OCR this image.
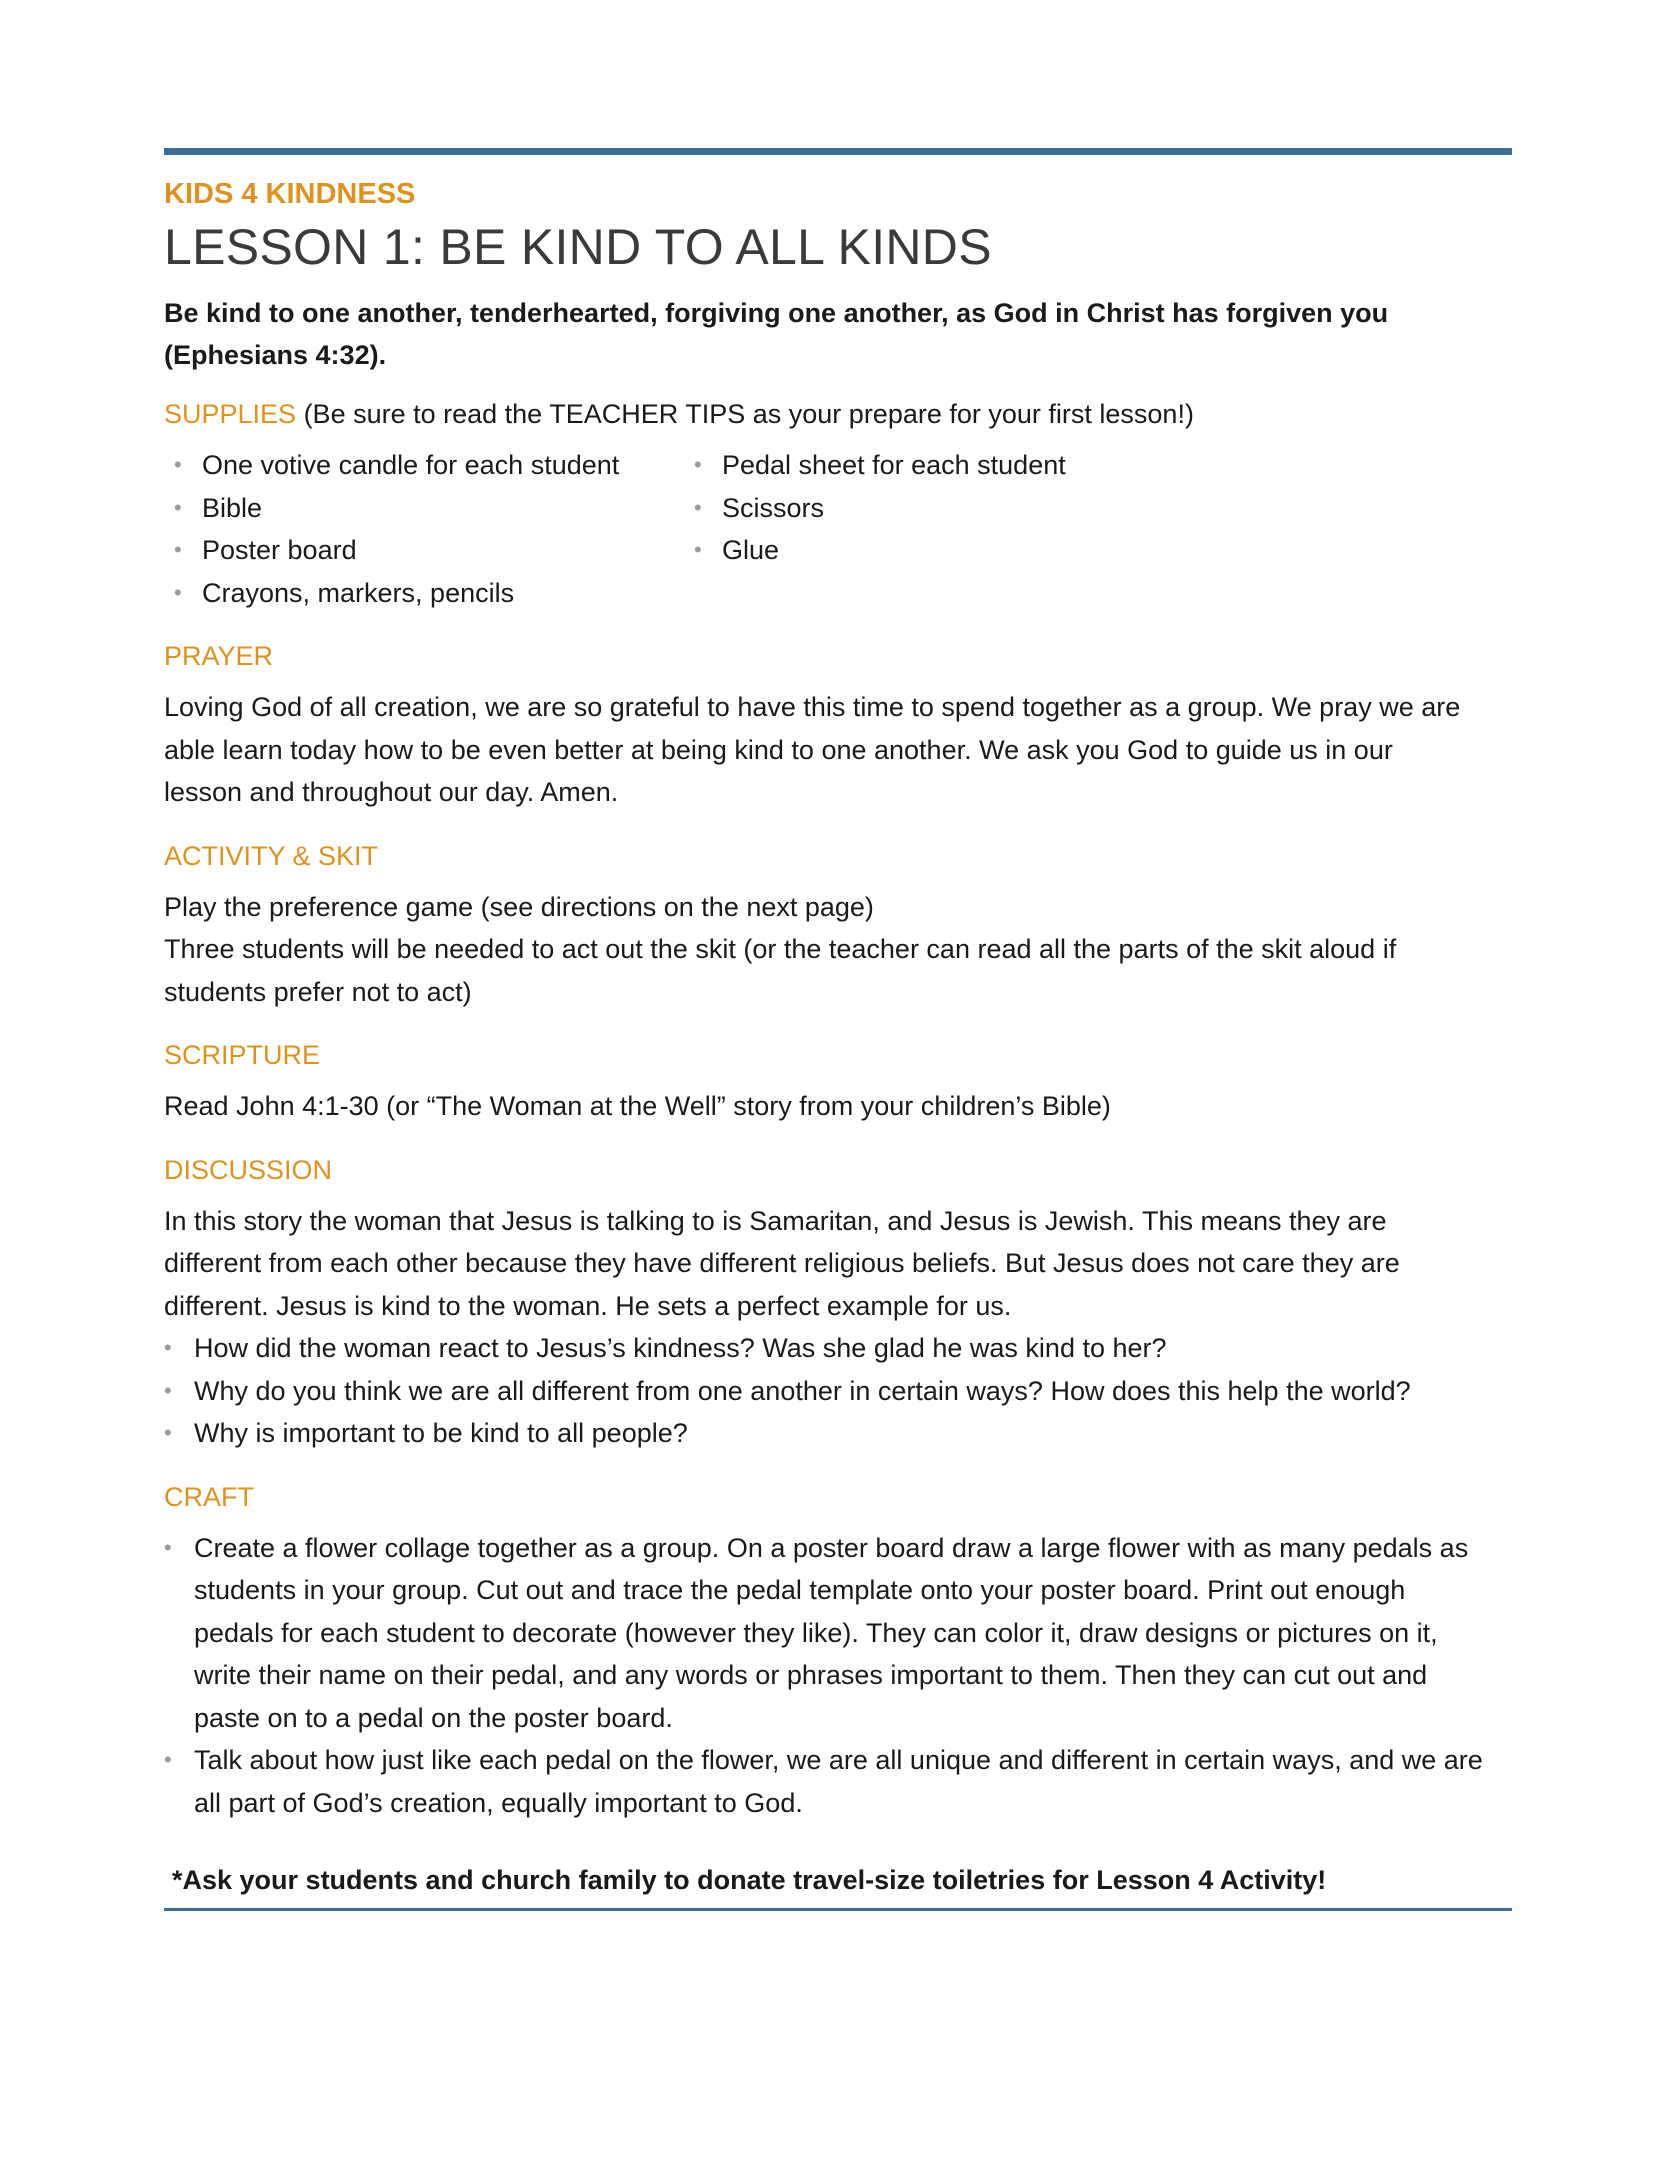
KIDS 4 KINDNESS
LESSON 1: BE KIND TO ALL KINDS
Be kind to one another, tenderhearted, forgiving one another, as God in Christ has forgiven you
(Ephesians 4:32).
SUPPLIES (Be sure to read the TEACHER TIPS as your prepare for your first lesson!)
• One votive candle for each student
• Bible
• Poster board
• Crayons, markers, pencils
• Pedal sheet for each student
• Scissors
• Glue
PRAYER
Loving God of all creation, we are so grateful to have this time to spend together as a group. We pray we are
able learn today how to be even better at being kind to one another. We ask you God to guide us in our
lesson and throughout our day. Amen.
ACTIVITY & SKIT
Play the preference game (see directions on the next page)
Three students will be needed to act out the skit (or the teacher can read all the parts of the skit aloud if
students prefer not to act)
SCRIPTURE
Read John 4:1-30 (or “The Woman at the Well” story from your children’s Bible)
DISCUSSION
In this story the woman that Jesus is talking to is Samaritan, and Jesus is Jewish. This means they are
different from each other because they have different religious beliefs. But Jesus does not care they are
different. Jesus is kind to the woman. He sets a perfect example for us.
• How did the woman react to Jesus’s kindness? Was she glad he was kind to her?
• Why do you think we are all different from one another in certain ways? How does this help the world?
• Why is important to be kind to all people?
CRAFT
• Create a flower collage together as a group. On a poster board draw a large flower with as many pedals as
students in your group. Cut out and trace the pedal template onto your poster board. Print out enough
pedals for each student to decorate (however they like). They can color it, draw designs or pictures on it,
write their name on their pedal, and any words or phrases important to them. Then they can cut out and
paste on to a pedal on the poster board.
• Talk about how just like each pedal on the flower, we are all unique and different in certain ways, and we are
all part of God’s creation, equally important to God.
*Ask your students and church family to donate travel-size toiletries for Lesson 4 Activity!
